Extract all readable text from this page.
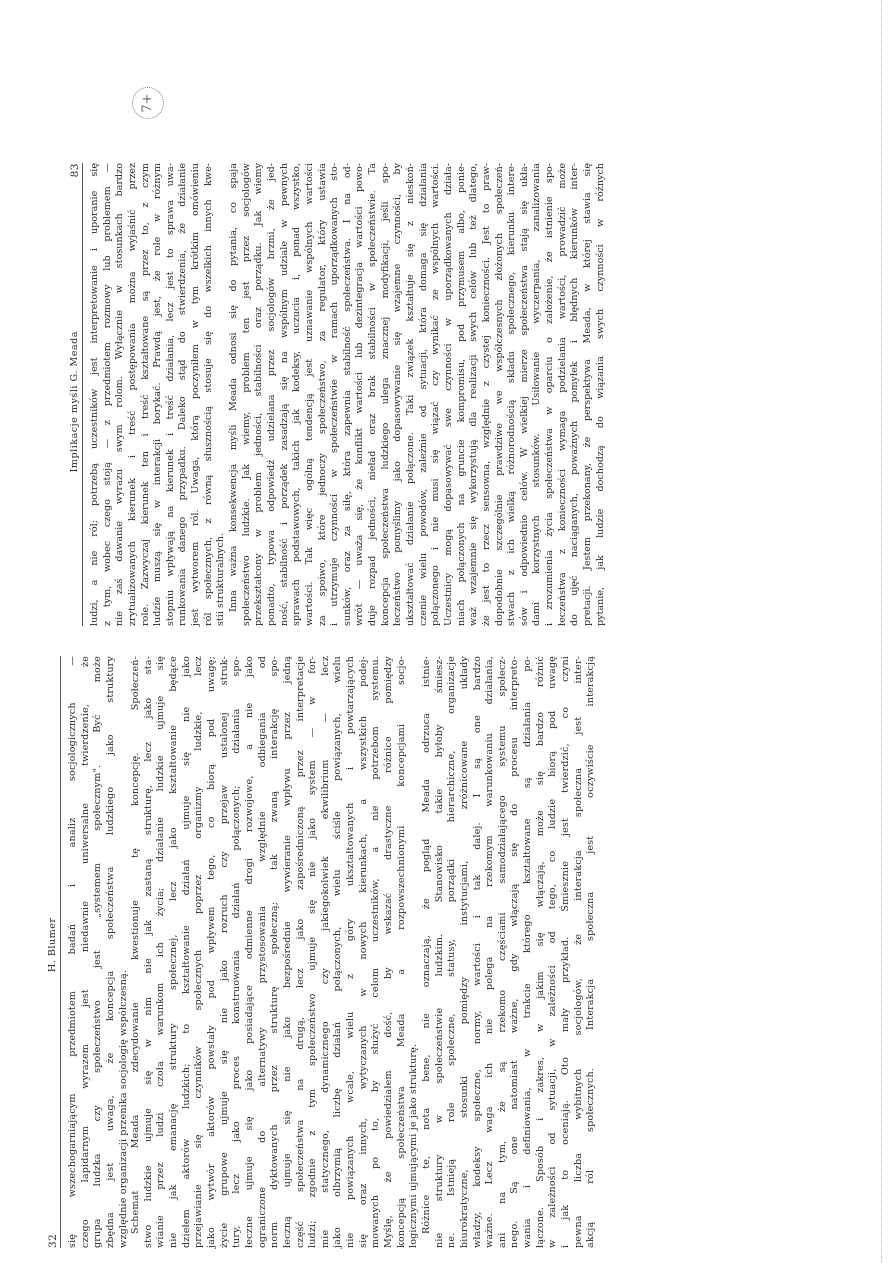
7+
Implikacje myśli G. Meada
83 ludzi, a nie ról; potrzebą uczestników jest interpretowanie i uporanie się z tym, wobec czego stoją — z przedmiotem rozmowy lub problemem — nie zaś dawanie wyrazu swym rolom. Wyłącznie w stosunkach bardzo zrytualizowanych kierunek i treść postępowania można wyjaśnić przez role. Zazwyczaj kierunek ten i treść kształtowane są przez to, z czym ludzie muszą się w interakcji borykać. Prawdą jest, że role w różnym stopniu wpływają na kierunek i treść działania, lecz jest to sprawa uwa- runkowania danego przypadku. Daleko stąd do stwierdzenia, że działanie jest wytworem ról. Uwaga, którą poczyniłem w tym krótkim omówieniu ról społecznych, z równą słusznością stosuje się do wszelkich innych kwe- stii strukturalnych. Inna ważna konsekwencja myśli Meada odnosi się do pytania, co spaja społeczeństwo ludzkie. Jak wiemy, problem ten jest przez socjologów przekształcony w problem jedności, stabilności oraz porządku. Jak wiemy ponadto, typowa odpowiedź udzielana przez socjologów brzmi, że jed- ność, stabilność i porządek zasadzają się na wspólnym udziale w pewnych sprawach podstawowych, takich jak kodeksy, uczucia i, ponad wszystko, wartości. Tak więc ogólną tendencją jest uznawanie wspólnych wartości za spoiwo, które jednoczy społeczeństwo, za regulator, który ustawia i utrzymuje czynności w społeczeństwie w ramach uporządkowanych sto- sunków, oraz za siłę, która zapewnia stabilność społeczeństwa. I na od- wrót — uważa się, że konflikt wartości lub dezintegracja wartości powo- duje rozpad jedności, nieład oraz brak stabilności w społeczeństwie. Ta koncepcja społeczeństwa ludzkiego ulega znacznej modyfikacji, jeśli spo- łeczeństwo pomyślimy jako dopasowywanie się wzajemne czynności, by ukształtować działanie połączone. Taki związek kształtuje się z nieskoń- czenie wielu powodów, zależnie od sytuacji, która domaga się działania połączonego i nie musi się wiązać czy wynikać ze wspólnych wartości. Uczestnicy mogą dopasowywać swe czynności w uporządkowanych działa- niach połączonych na gruncie kompromisu, pod przymusem albo, ponie- waż wzajemnie się wykorzystują dla realizacji swych celów lub też dlatego, że jest to rzecz sensowna, względnie z czystej konieczności. Jest to praw- dopodobnie szczególnie prawdziwe we współczesnych złożonych społeczeń- stwach z ich wielką różnorodnością składu społecznego, kierunku intere- sów i odpowiednio celów. W wielkiej mierze społeczeństwa stają się ukła- dami korzystnych stosunków. Usiłowanie wyczerpania, zanalizowania i zrozumienia życia społeczeństwa w oparciu o założenie, że istnienie spo- łeczeństwa z konieczności wymaga podzielania wartości, prowadzić może do ujęć naciąganych, poważnych pomyłek i błędnych kierunków inter- pretacji. Jestem przekonany, że perspektywa Meada, w której stawia się pytanie, jak ludzie dochodzą do wiązania swych czynności w różnych
32
H. Blumer się wszechogarniającym przedmiotem badań i analiz socjologicznych — czego lapidarnym wyrazem jest niedawnie uniwersalne twierdzenie, że grupa ludzka czy społeczeństwo jest „systemem społecznym". Być może zbędna jest uwaga, że koncepcja społeczeństwa ludzkiego jako struktury względnie organizacji przenika socjologię współczesną. Schemat Meada zdecydowanie kwestionuje tę koncepcję. Społeczeń- stwo ludzkie ujmuje się w nim nie jak zastaną strukturę, lecz jako sta- wianie przez ludzi czoła warunkom ich życia; działanie ludzkie ujmuje się nie jak emanację struktury społecznej, lecz jako kształtowanie będące dziełem aktorów ludzkich; to kształtowanie działań ujmuje się nie jako przejawianie się czynników społecznych poprzez organizmy ludzkie, lecz jako wytwór aktorów powstały pod wpływem tego, co biorą pod uwagę; życie grupowe ujmuje się nie jako rozruch czy przejaw ustalonej struk- tury, lecz jako proces konstruowania działań połączonych; działania spo- łeczne ujmuje się jako posiadające odmienne drogi rozwojowe, a nie jako ograniczone do alternatywy przystosowania względnie odbiegania od norm dyktowanych przez strukturę społeczną; tak zwaną interakcję spo- łeczną ujmuje się nie jako bezpośrednie wywieranie wpływu przez jedną część społeczeństwa na drugą, lecz jako zapośredniczoną przez interpretacje ludzi; zgodnie z tym społeczeństwo ujmuje się nie jako system — w for- mie statycznego, dynamicznego czy jakiegokolwiek ekwilibrium — lecz jako olbrzymią liczbę działań połączonych, wielu ściśle powiązanych, wielu nie powiązanych wcale, wielu z góry ukształtowanych i powtarzających się oraz innych, wytyczanych w nowych kierunkach, a wszystkich podej- mowanych po to, by służyć celom uczestników, a nie potrzebom systemu. Myślę, że powiedziałem dość, by wskazać drastyczne różnice pomiędzy koncepcją społeczeństwa Meada a rozpowszechnionymi koncepcjami socjo- logicznymi ujmującymi je jako strukturę. Różnice te, nota bene, nie oznaczają, że pogląd Meada odrzuca istnie- nie struktury w społeczeństwie ludzkim. Stanowisko takie byłoby śmiesz- ne. Istnieją role społeczne, statusy, porządki hierarchiczne, organizacje biurokratyczne, stosunki pomiędzy instytucjami, zróżnicowane układy władzy, kodeksy społeczne, normy, wartości i tak dalej. I są one bardzo ważne. Lecz waga ich nie polega na rzekomym warunkowaniu działania, ani na tym, że są rzekomo częściami samodziałającego systemu społecz- nego. Są one natomiast ważne, gdy włączają się do procesu interpreto- wania i definiowania, w trakcie którego kształtowane są działania po- łączone. Sposób i zakres, w jakim się włączają, może się bardzo różnić w zależności od sytuacji, w zależności od tego, co ludzie biorą pod uwagę i jak to oceniają. Oto mały przykład. Śmiesznie jest twierdzić, co czyni pewna liczba wybitnych socjologów, że interakcja społeczna jest inter- akcją ról społecznych. Interakcja społeczna jest oczywiście interakcją
